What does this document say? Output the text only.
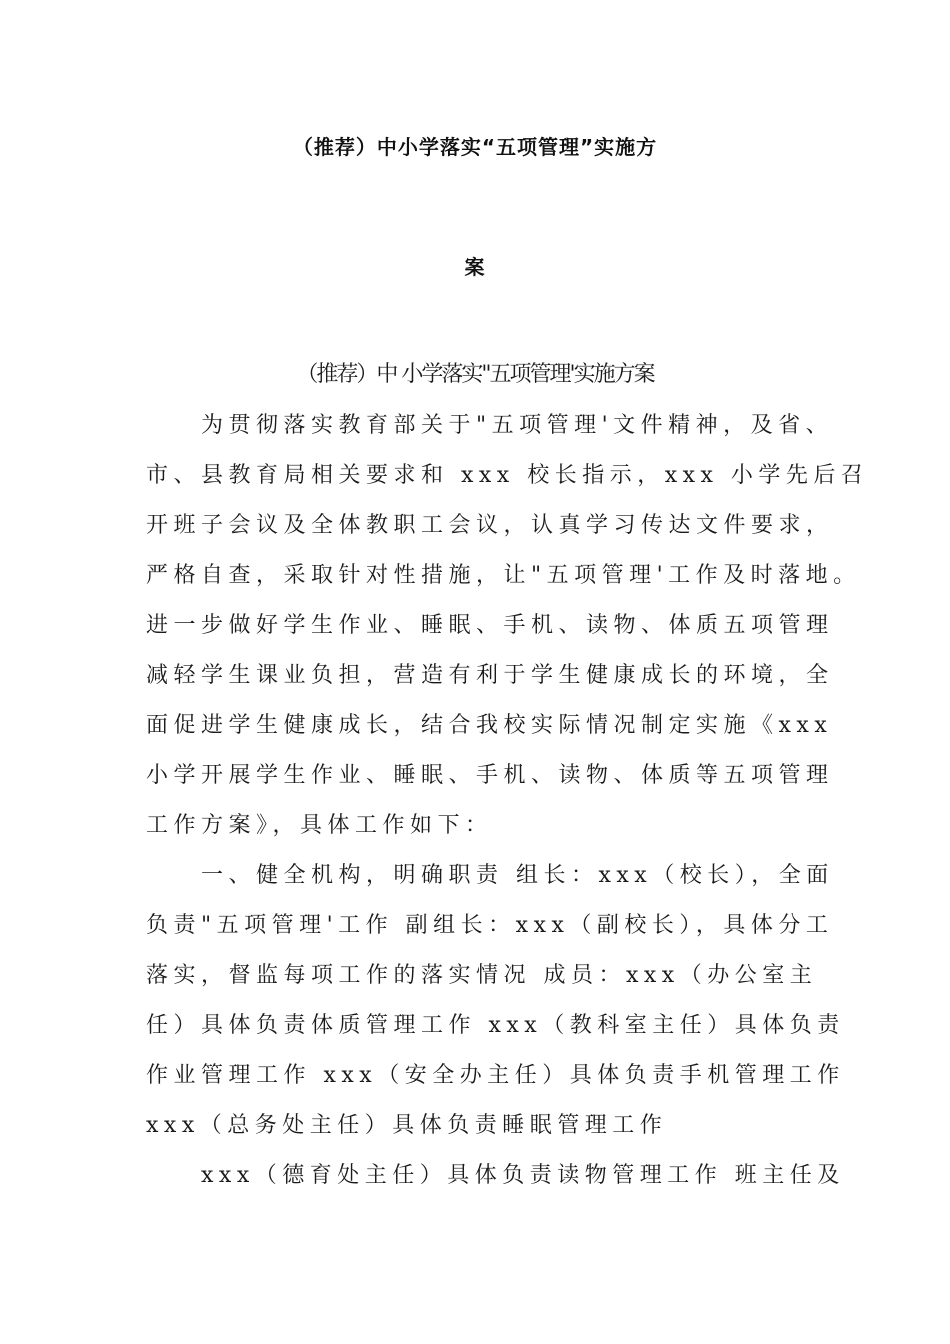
（推荐）中小学落实“五项管理”实施方
案
（推荐）中 小学落实"五项管理'实施方案
　　为贯彻落实教育部关于"五项管理'文件精神，及省、
市、县教育局相关要求和 xxx 校长指示，xxx 小学先后召
开班子会议及全体教职工会议，认真学习传达文件要求，
严格自查，采取针对性措施，让"五项管理'工作及时落地。
进一步做好学生作业、睡眠、手机、读物、体质五项管理
减轻学生课业负担，营造有利于学生健康成长的环境，全
面促进学生健康成长，结合我校实际情况制定实施《xxx
小学开展学生作业、睡眠、手机、读物、体质等五项管理
工作方案》，具体工作如下：
　　一、健全机构，明确职责 组长：xxx（校长），全面
负责"五项管理'工作 副组长：xxx（副校长），具体分工
落实，督监每项工作的落实情况 成员：xxx（办公室主
任）具体负责体质管理工作 xxx（教科室主任）具体负责
作业管理工作 xxx（安全办主任）具体负责手机管理工作
xxx（总务处主任）具体负责睡眠管理工作
　　xxx（德育处主任）具体负责读物管理工作 班主任及
